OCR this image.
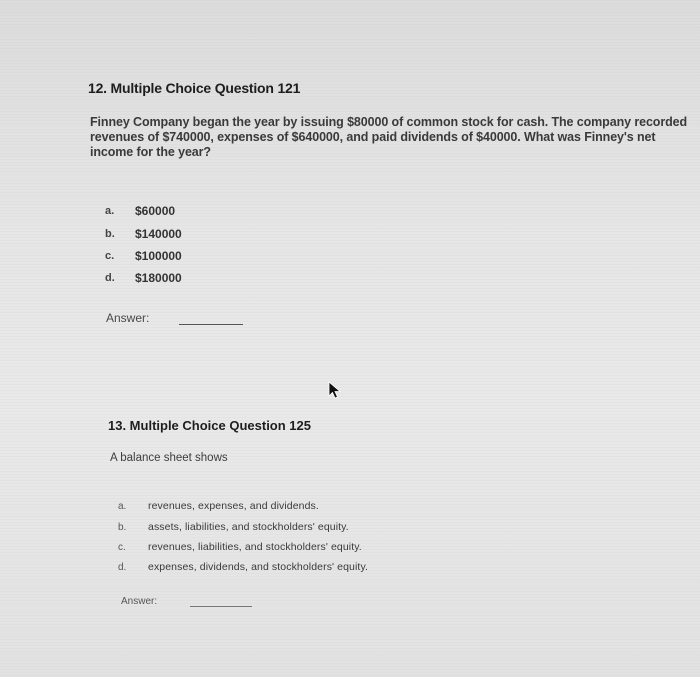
12. Multiple Choice Question 121
Finney Company began the year by issuing $80000 of common stock for cash. The company recorded revenues of $740000, expenses of $640000, and paid dividends of $40000. What was Finney's net income for the year?
a. $60000
b. $140000
c. $100000
d. $180000
Answer:
13. Multiple Choice Question 125
A balance sheet shows
a. revenues, expenses, and dividends.
b. assets, liabilities, and stockholders' equity.
c. revenues, liabilities, and stockholders' equity.
d. expenses, dividends, and stockholders' equity.
Answer:
